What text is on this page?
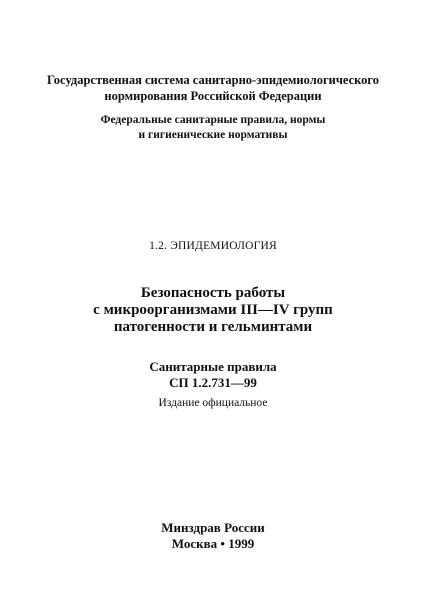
Государственная система санитарно-эпидемиологического
нормирования Российской Федерации
Федеральные санитарные правила, нормы
и гигиенические нормативы
1.2. ЭПИДЕМИОЛОГИЯ
Безопасность работы
с микроорганизмами III—IV групп
патогенности и гельминтами
Санитарные правила
СП 1.2.731—99
Издание официальное
Минздрав России
Москва • 1999
